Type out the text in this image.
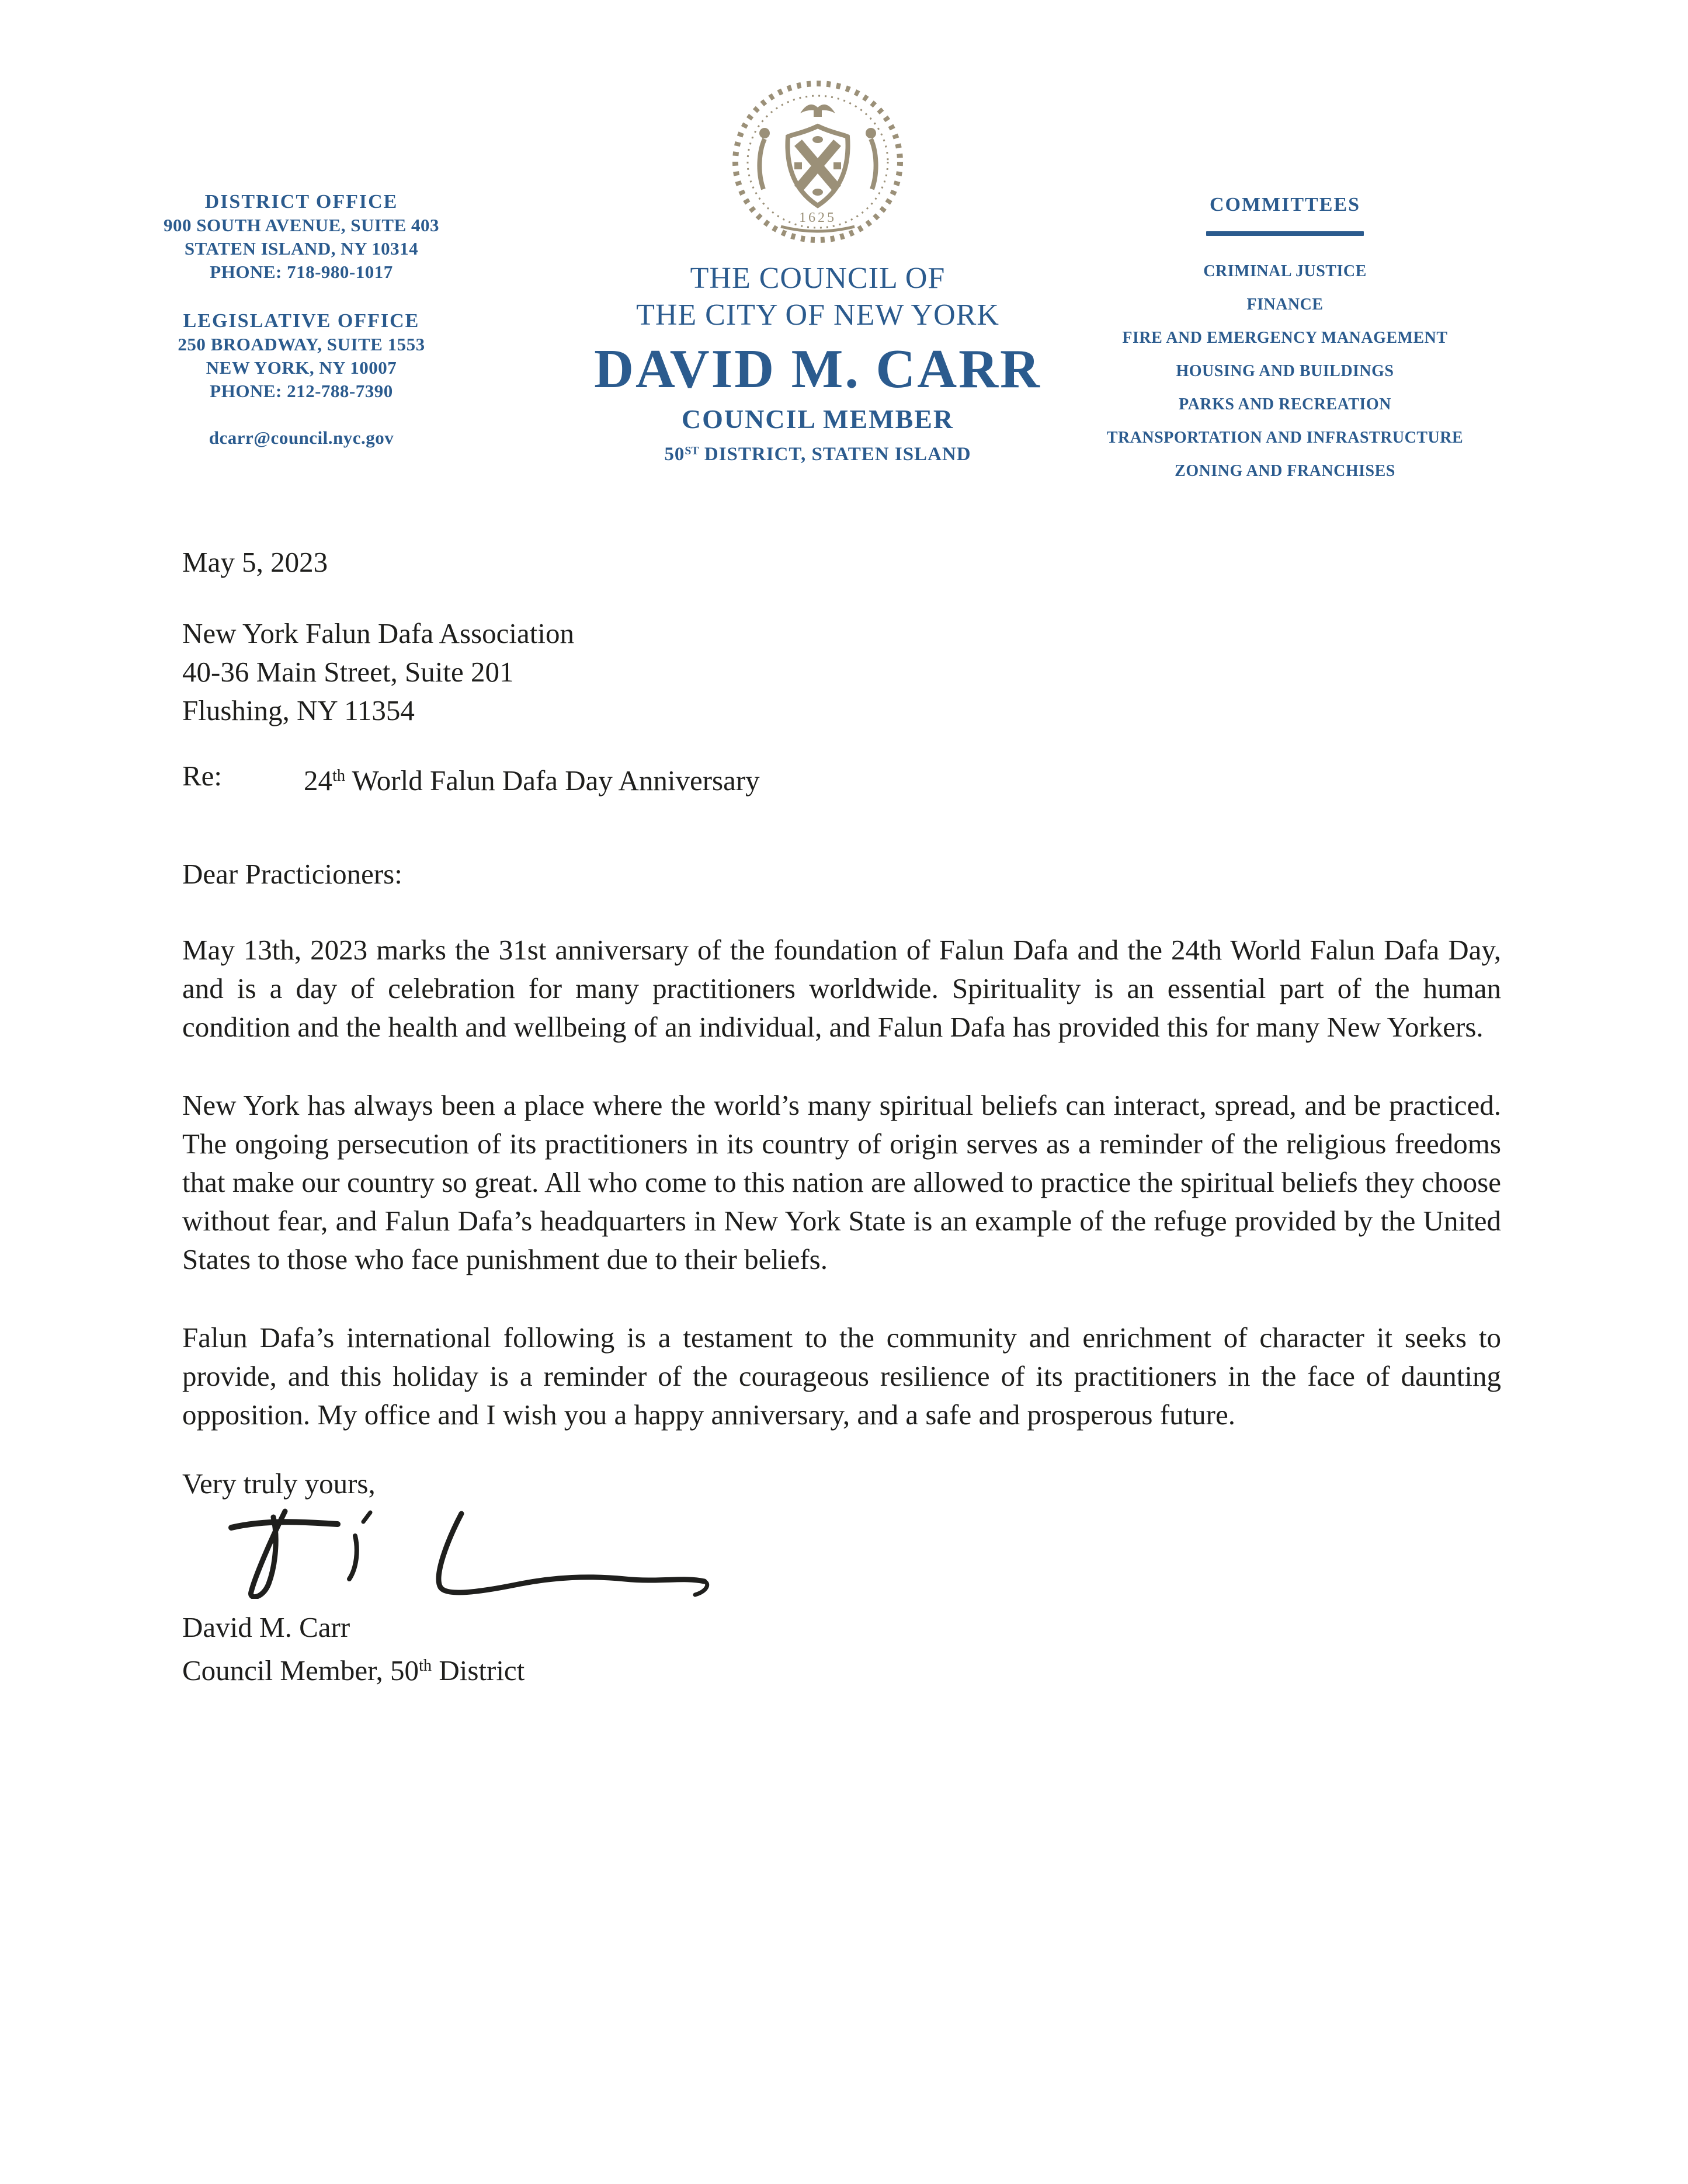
DISTRICT OFFICE
900 SOUTH AVENUE, SUITE 403
STATEN ISLAND, NY 10314
PHONE: 718-980-1017
LEGISLATIVE OFFICE
250 BROADWAY, SUITE 1553
NEW YORK, NY 10007
PHONE: 212-788-7390
dcarr@council.nyc.gov
1625
THE COUNCIL OF
THE CITY OF NEW YORK
DAVID M. CARR
COUNCIL MEMBER
50ST DISTRICT, STATEN ISLAND
COMMITTEES
CRIMINAL JUSTICE
FINANCE
FIRE AND EMERGENCY MANAGEMENT
HOUSING AND BUILDINGS
PARKS AND RECREATION
TRANSPORTATION AND INFRASTRUCTURE
ZONING AND FRANCHISES
May 5, 2023
New York Falun Dafa Association
40-36 Main Street, Suite 201
Flushing, NY 11354
Re:	24th World Falun Dafa Day Anniversary
Dear Practicioners:

May 13th, 2023 marks the 31st anniversary of the foundation of Falun Dafa and the 24th World Falun Dafa Day, and is a day of celebration for many practitioners worldwide. Spirituality is an essential part of the human condition and the health and wellbeing of an individual, and Falun Dafa has provided this for many New Yorkers.

New York has always been a place where the world’s many spiritual beliefs can interact, spread, and be practiced. The ongoing persecution of its practitioners in its country of origin serves as a reminder of the religious freedoms that make our country so great. All who come to this nation are allowed to practice the spiritual beliefs they choose without fear, and Falun Dafa’s headquarters in New York State is an example of the refuge provided by the United States to those who face punishment due to their beliefs.

Falun Dafa’s international following is a testament to the community and enrichment of character it seeks to provide, and this holiday is a reminder of the courageous resilience of its practitioners in the face of daunting opposition. My office and I wish you a happy anniversary, and a safe and prosperous future.

Very truly yours,
David M. Carr
Council Member, 50th District
